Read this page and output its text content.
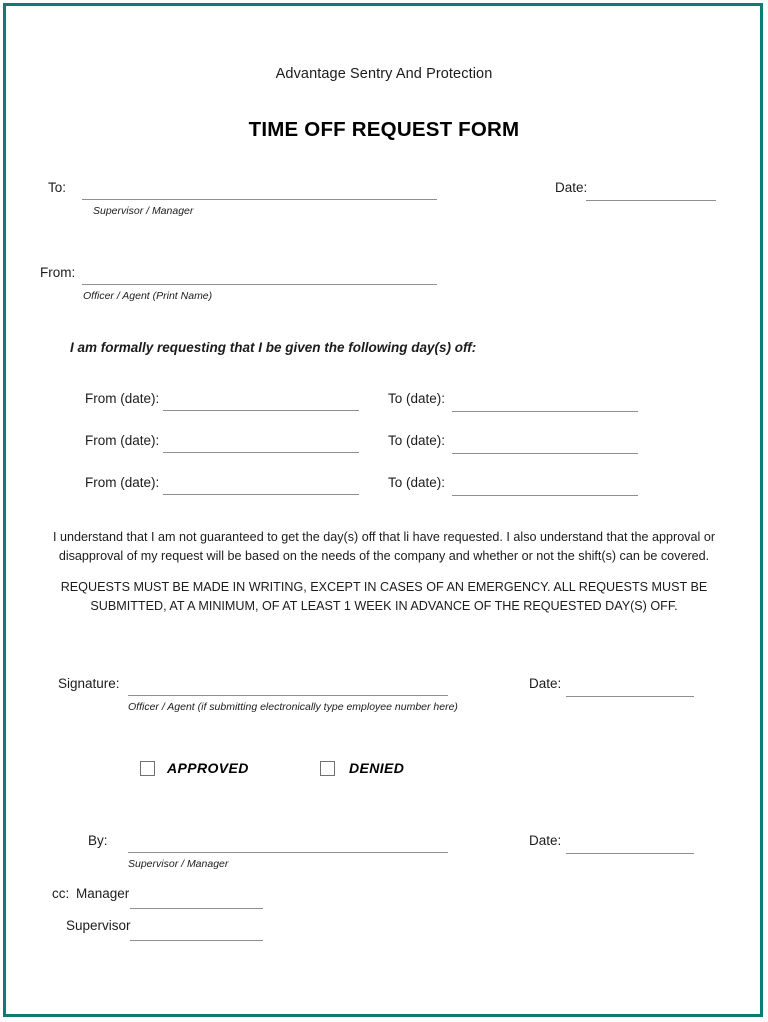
Advantage Sentry And Protection
TIME OFF REQUEST FORM
To:
Supervisor / Manager
Date:
From:
Officer / Agent (Print Name)
I am formally requesting that I be given the following day(s) off:
From (date):	To (date):
From (date):	To (date):
From (date):	To (date):
I understand that I am not guaranteed to get the day(s) off that li have requested. I also understand that the approval or disapproval of my request will be based on the needs of the company and whether or not the shift(s) can be covered.
REQUESTS MUST BE MADE IN WRITING, EXCEPT IN CASES OF AN EMERGENCY. ALL REQUESTS MUST BE SUBMITTED, AT A MINIMUM, OF AT LEAST 1 WEEK IN ADVANCE OF THE REQUESTED DAY(S) OFF.
Signature:
Officer / Agent (if submitting electronically type employee number here)
Date:
APPROVED	DENIED
By:
Supervisor / Manager
Date:
cc: Manager
Supervisor
